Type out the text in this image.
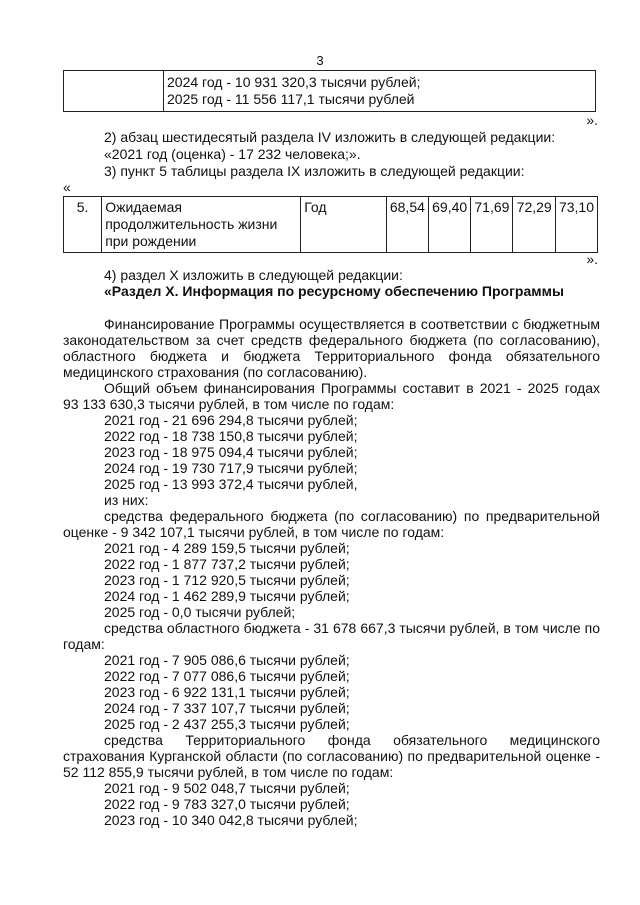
3

2024 год - 10 931 320,3 тысячи рублей;
2025 год - 11 556 117,1 тысячи рублей
».
2) абзац шестидесятый раздела IV изложить в следующей редакции:
«2021 год (оценка) - 17 232 человека;».
3) пункт 5 таблицы раздела IX изложить в следующей редакции:
«
5.	Ожидаемая продолжительность жизни при рождении	Год	68,54	69,40	71,69	72,29	73,10
».
4) раздел X изложить в следующей редакции:
«Раздел X. Информация по ресурсному обеспечению Программы
Финансирование Программы осуществляется в соответствии с бюджетным
законодательством за счет средств федерального бюджета (по согласованию),
областного бюджета и бюджета Территориального фонда обязательного
медицинского страхования (по согласованию).
Общий объем финансирования Программы составит в 2021 - 2025 годах
93 133 630,3 тысячи рублей, в том числе по годам:
2021 год - 21 696 294,8 тысячи рублей;
2022 год - 18 738 150,8 тысячи рублей;
2023 год - 18 975 094,4 тысячи рублей;
2024 год - 19 730 717,9 тысячи рублей;
2025 год - 13 993 372,4 тысячи рублей,
из них:
средства федерального бюджета (по согласованию) по предварительной
оценке - 9 342 107,1 тысячи рублей, в том числе по годам:
2021 год - 4 289 159,5 тысячи рублей;
2022 год - 1 877 737,2 тысячи рублей;
2023 год - 1 712 920,5 тысячи рублей;
2024 год - 1 462 289,9 тысячи рублей;
2025 год - 0,0 тысячи рублей;
средства областного бюджета - 31 678 667,3 тысячи рублей, в том числе по
годам:
2021 год - 7 905 086,6 тысячи рублей;
2022 год - 7 077 086,6 тысячи рублей;
2023 год - 6 922 131,1 тысячи рублей;
2024 год - 7 337 107,7 тысячи рублей;
2025 год - 2 437 255,3 тысячи рублей;
средства Территориального фонда обязательного медицинского
страхования Курганской области (по согласованию) по предварительной оценке -
52 112 855,9 тысячи рублей, в том числе по годам:
2021 год - 9 502 048,7 тысячи рублей;
2022 год - 9 783 327,0 тысячи рублей;
2023 год - 10 340 042,8 тысячи рублей;
